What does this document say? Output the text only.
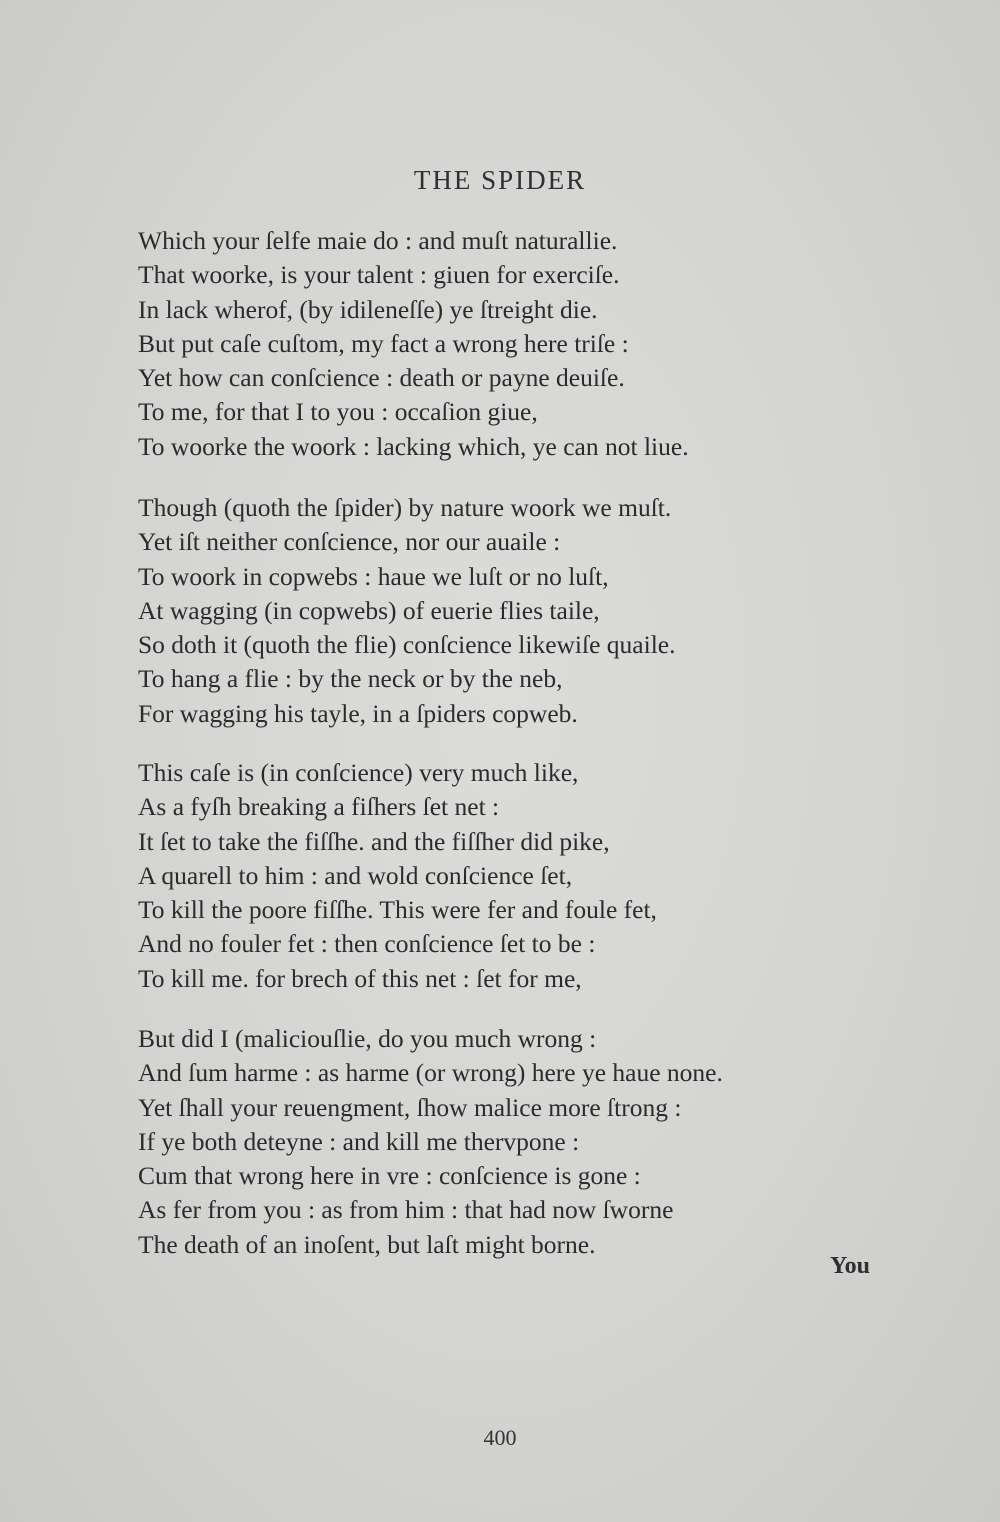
THE SPIDER
Which your ſelfe maie do : and muſt naturallie.
That woorke, is your talent : giuen for exerciſe.
In lack wherof, (by idileneſſe) ye ſtreight die.
But put caſe cuſtom, my fact a wrong here triſe :
Yet how can conſcience : death or payne deuiſe.
To me, for that I to you : occaſion giue,
To woorke the woork : lacking which, ye can not liue.
Though (quoth the ſpider) by nature woork we muſt.
Yet iſt neither conſcience, nor our auaile :
To woork in copwebs : haue we luſt or no luſt,
At wagging (in copwebs) of euerie flies taile,
So doth it (quoth the flie) conſcience likewiſe quaile.
To hang a flie : by the neck or by the neb,
For wagging his tayle, in a ſpiders copweb.
This caſe is (in conſcience) very much like,
As a fyſh breaking a fiſhers ſet net :
It ſet to take the fiſſhe. and the fiſſher did pike,
A quarell to him : and wold conſcience ſet,
To kill the poore fiſſhe. This were fer and foule fet,
And no fouler fet : then conſcience ſet to be :
To kill me. for brech of this net : ſet for me,
But did I (maliciouſlie, do you much wrong :
And ſum harme : as harme (or wrong) here ye haue none.
Yet ſhall your reuengment, ſhow malice more ſtrong :
If ye both deteyne : and kill me thervpone :
Cum that wrong here in vre : conſcience is gone :
As fer from you : as from him : that had now ſworne
The death of an inoſent, but laſt might borne.
You
400
